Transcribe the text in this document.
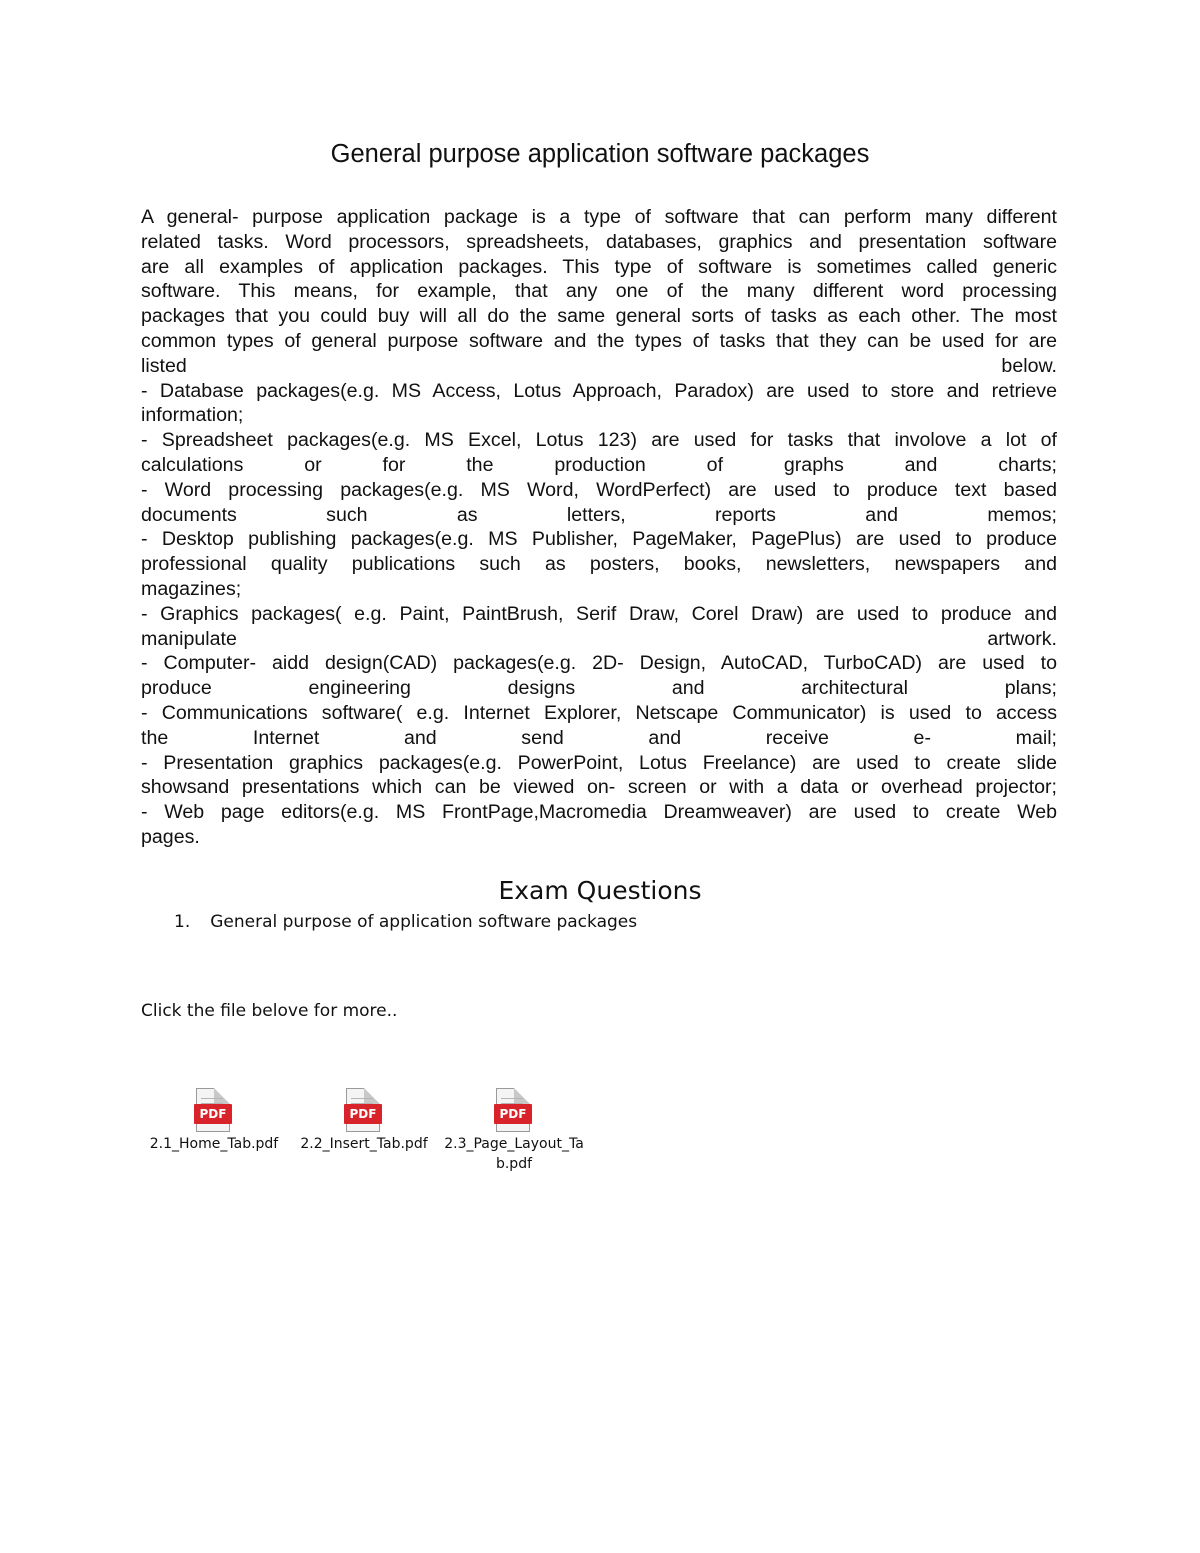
General purpose application software packages
A general- purpose application package is a type of software that can perform many different
related tasks. Word processors, spreadsheets, databases, graphics and presentation software
are all examples of application packages. This type of software is sometimes called generic
software. This means, for example, that any one of the many different word processing
packages that you could buy will all do the same general sorts of tasks as each other. The most
common types of general purpose software and the types of tasks that they can be used for are
listed below.
- Database packages(e.g. MS Access, Lotus Approach, Paradox) are used to store and retrieve
information;
- Spreadsheet packages(e.g. MS Excel, Lotus 123) are used for tasks that involove a lot of
calculations or for the production of graphs and charts;
- Word processing packages(e.g. MS Word, WordPerfect) are used to produce text based
documents such as letters, reports and memos;
- Desktop publishing packages(e.g. MS Publisher, PageMaker, PagePlus) are used to produce
professional quality publications such as posters, books, newsletters, newspapers and
magazines;
- Graphics packages( e.g. Paint, PaintBrush, Serif Draw, Corel Draw) are used to produce and
manipulate artwork.
- Computer- aidd design(CAD) packages(e.g. 2D- Design, AutoCAD, TurboCAD) are used to
produce engineering designs and architectural plans;
- Communications software( e.g. Internet Explorer, Netscape Communicator) is used to access
the Internet and send and receive e- mail;
- Presentation graphics packages(e.g. PowerPoint, Lotus Freelance) are used to create slide
showsand presentations which can be viewed on- screen or with a data or overhead projector;
- Web page editors(e.g. MS FrontPage,Macromedia Dreamweaver) are used to create Web
pages.
Exam Questions
1. General purpose of application software packages
Click the file belove for more..
PDF
2.1_Home_Tab.pdf
PDF
2.2_Insert_Tab.pdf
PDF
2.3_Page_Layout_Tab.pdf
